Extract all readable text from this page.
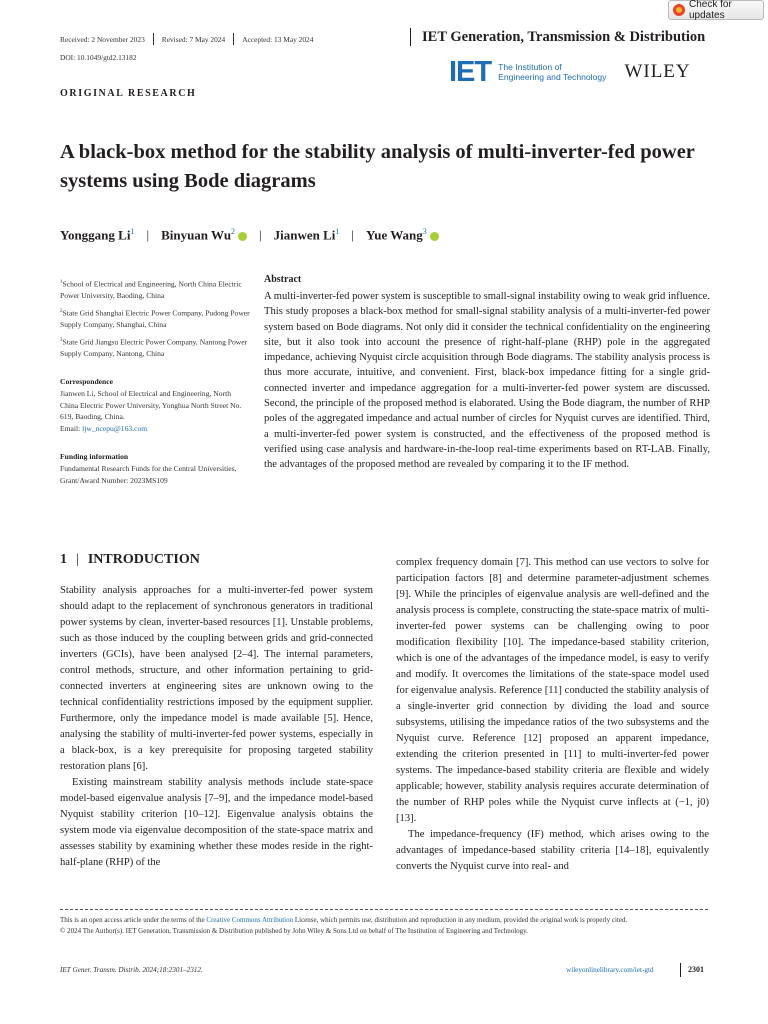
Check for updates
Received: 2 November 2023 Revised: 7 May 2024 Accepted: 13 May 2024	IET Generation, Transmission & Distribution
DOI: 10.1049/gtd2.13182	IET The Institution of
Engineering and Technology WILEY
ORIGINAL RESEARCH
A black-box method for the stability analysis of multi-inverter-fed power systems using Bode diagrams
Yonggang Li$^1$ | Binyuan Wu$^2$	| Jianwen Li$^1$ | Yue Wang$^3$
$^1$School of Electrical and Engineering, North China Electric Power University, Baoding, China
$^2$State Grid Shanghai Electric Power Company, Pudong Power Supply Company, Shanghai, China
$^3$State Grid Jiangsu Electric Power Company, Nantong Power Supply Company, Nantong, China
Correspondence
Jianwen Li, School of Electrical and Engineering, North China Electric Power University, Yonghua North Street No. 619, Baoding, China.
Email: ljw_ncepu@163.com
Funding information
Fundamental Research Funds for the Central Universities, Grant/Award Number: 2023MS109
Abstract
A multi-inverter-fed power system is susceptible to small-signal instability owing to weak grid influence. This study proposes a black-box method for small-signal stability analysis of a multi-inverter-fed power system based on Bode diagrams. Not only did it consider the technical confidentiality on the engineering site, but it also took into account the presence of right-half-plane (RHP) pole in the aggregated impedance, achieving Nyquist circle acquisition through Bode diagrams. The stability analysis process is thus more accurate, intuitive, and convenient. First, black-box impedance fitting for a single grid-connected inverter and impedance aggregation for a multi-inverter-fed power system are discussed. Second, the principle of the proposed method is elaborated. Using the Bode diagram, the number of RHP poles of the aggregated impedance and actual number of circles for Nyquist curves are identified. Third, a multi-inverter-fed power system is constructed, and the effectiveness of the proposed method is verified using case analysis and hardware-in-the-loop real-time experiments based on RT-LAB. Finally, the advantages of the proposed method are revealed by comparing it to the IF method.
1 | INTRODUCTION

Stability analysis approaches for a multi-inverter-fed power system should adapt to the replacement of synchronous generators in traditional power systems by clean, inverter-based resources [1]. Unstable problems, such as those induced by the coupling between grids and grid-connected inverters (GCIs), have been analysed [2–4]. The internal parameters, control methods, structure, and other information pertaining to grid-connected inverters at engineering sites are unknown owing to the technical confidentiality restrictions imposed by the equipment supplier. Furthermore, only the impedance model is made available [5]. Hence, analysing the stability of multi-inverter-fed power systems, especially in a black-box, is a key prerequisite for proposing targeted stability restoration plans [6].

Existing mainstream stability analysis methods include state-space model-based eigenvalue analysis [7–9], and the impedance model-based Nyquist stability criterion [10–12]. Eigenvalue analysis obtains the system mode via eigenvalue decomposition of the state-space matrix and assesses stability by examining whether these modes reside in the right-half-plane (RHP) of the

complex frequency domain [7]. This method can use vectors to solve for participation factors [8] and determine parameter-adjustment schemes [9]. While the principles of eigenvalue analysis are well-defined and the analysis process is complete, constructing the state-space matrix of multi-inverter-fed power systems can be challenging owing to poor modification flexibility [10]. The impedance-based stability criterion, which is one of the advantages of the impedance model, is easy to verify and modify. It overcomes the limitations of the state-space model used for eigenvalue analysis. Reference [11] conducted the stability analysis of a single-inverter grid connection by dividing the load and source subsystems, utilising the impedance ratios of the two subsystems and the Nyquist curve. Reference [12] proposed an apparent impedance, extending the criterion presented in [11] to multi-inverter-fed power systems. The impedance-based stability criteria are flexible and widely applicable; however, stability analysis requires accurate determination of the number of RHP poles while the Nyquist curve inflects at (−1, j0) [13].

The impedance-frequency (IF) method, which arises owing to the advantages of impedance-based stability criteria [14–18], equivalently converts the Nyquist curve into real- and

This is an open access article under the terms of the Creative Commons Attribution License, which permits use, distribution and reproduction in any medium, provided the original work is properly cited.
© 2024 The Author(s). IET Generation, Transmission & Distribution published by John Wiley & Sons Ltd on behalf of The Institution of Engineering and Technology.
IET Gener. Transm. Distrib. 2024;18:2301–2312.	wileyonlinelibrary.com/iet-gtd	2301
